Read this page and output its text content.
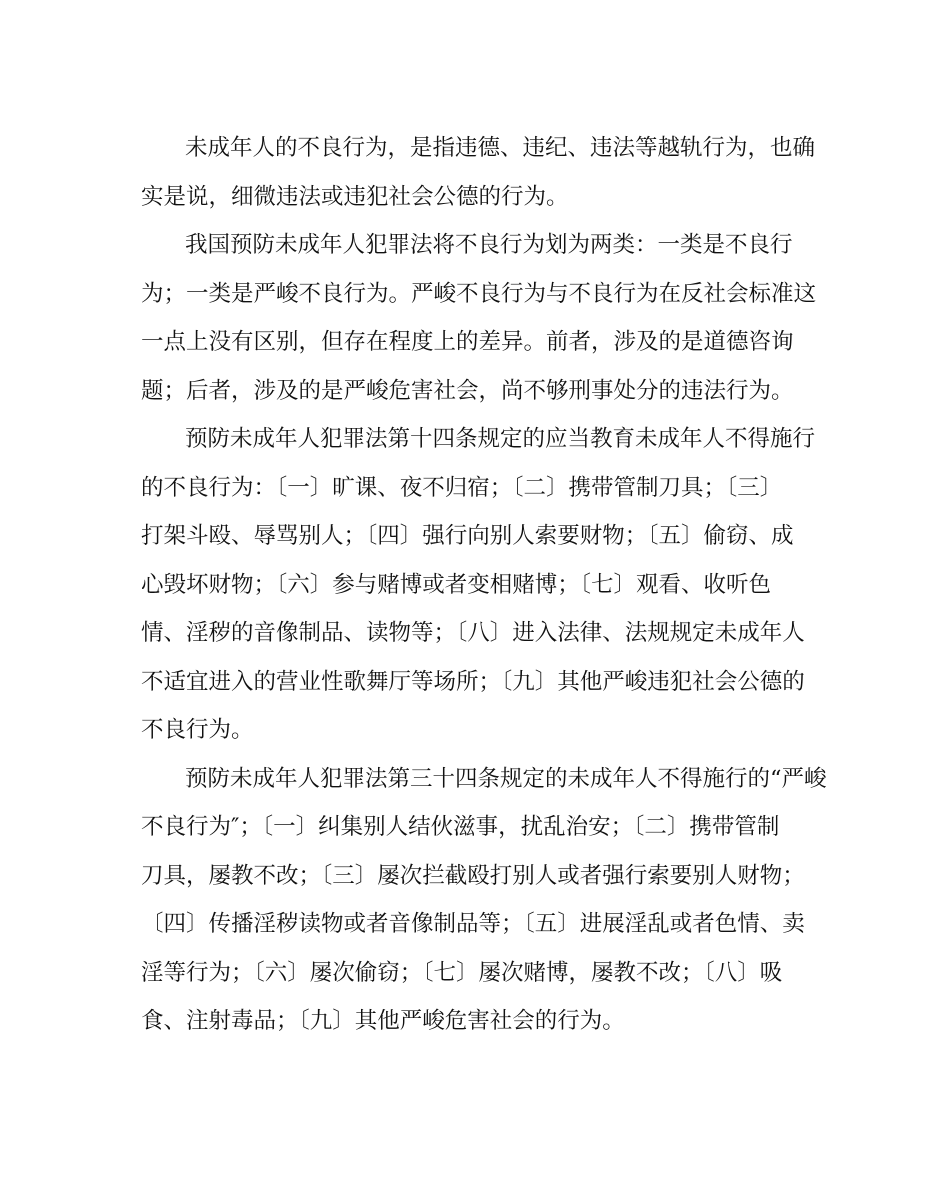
未成年人的不良行为，是指违德、违纪、违法等越轨行为，也确
实是说，细微违法或违犯社会公德的行为。
我国预防未成年人犯罪法将不良行为划为两类：一类是不良行
为；一类是严峻不良行为。严峻不良行为与不良行为在反社会标准这
一点上没有区别，但存在程度上的差异。前者，涉及的是道德咨询
题；后者，涉及的是严峻危害社会，尚不够刑事处分的违法行为。
预防未成年人犯罪法第十四条规定的应当教育未成年人不得施行
的不良行为：〔一〕旷课、夜不归宿；〔二〕携带管制刀具；〔三〕
打架斗殴、辱骂别人；〔四〕强行向别人索要财物；〔五〕偷窃、成
心毁坏财物；〔六〕参与赌博或者变相赌博；〔七〕观看、收听色
情、淫秽的音像制品、读物等；〔八〕进入法律、法规规定未成年人
不适宜进入的营业性歌舞厅等场所；〔九〕其他严峻违犯社会公德的
不良行为。
预防未成年人犯罪法第三十四条规定的未成年人不得施行的“严峻
不良行为″；〔一〕纠集别人结伙滋事，扰乱治安；〔二〕携带管制
刀具，屡教不改；〔三〕屡次拦截殴打别人或者强行索要别人财物；
〔四〕传播淫秽读物或者音像制品等；〔五〕进展淫乱或者色情、卖
淫等行为；〔六〕屡次偷窃；〔七〕屡次赌博，屡教不改；〔八〕吸
食、注射毒品；〔九〕其他严峻危害社会的行为。
